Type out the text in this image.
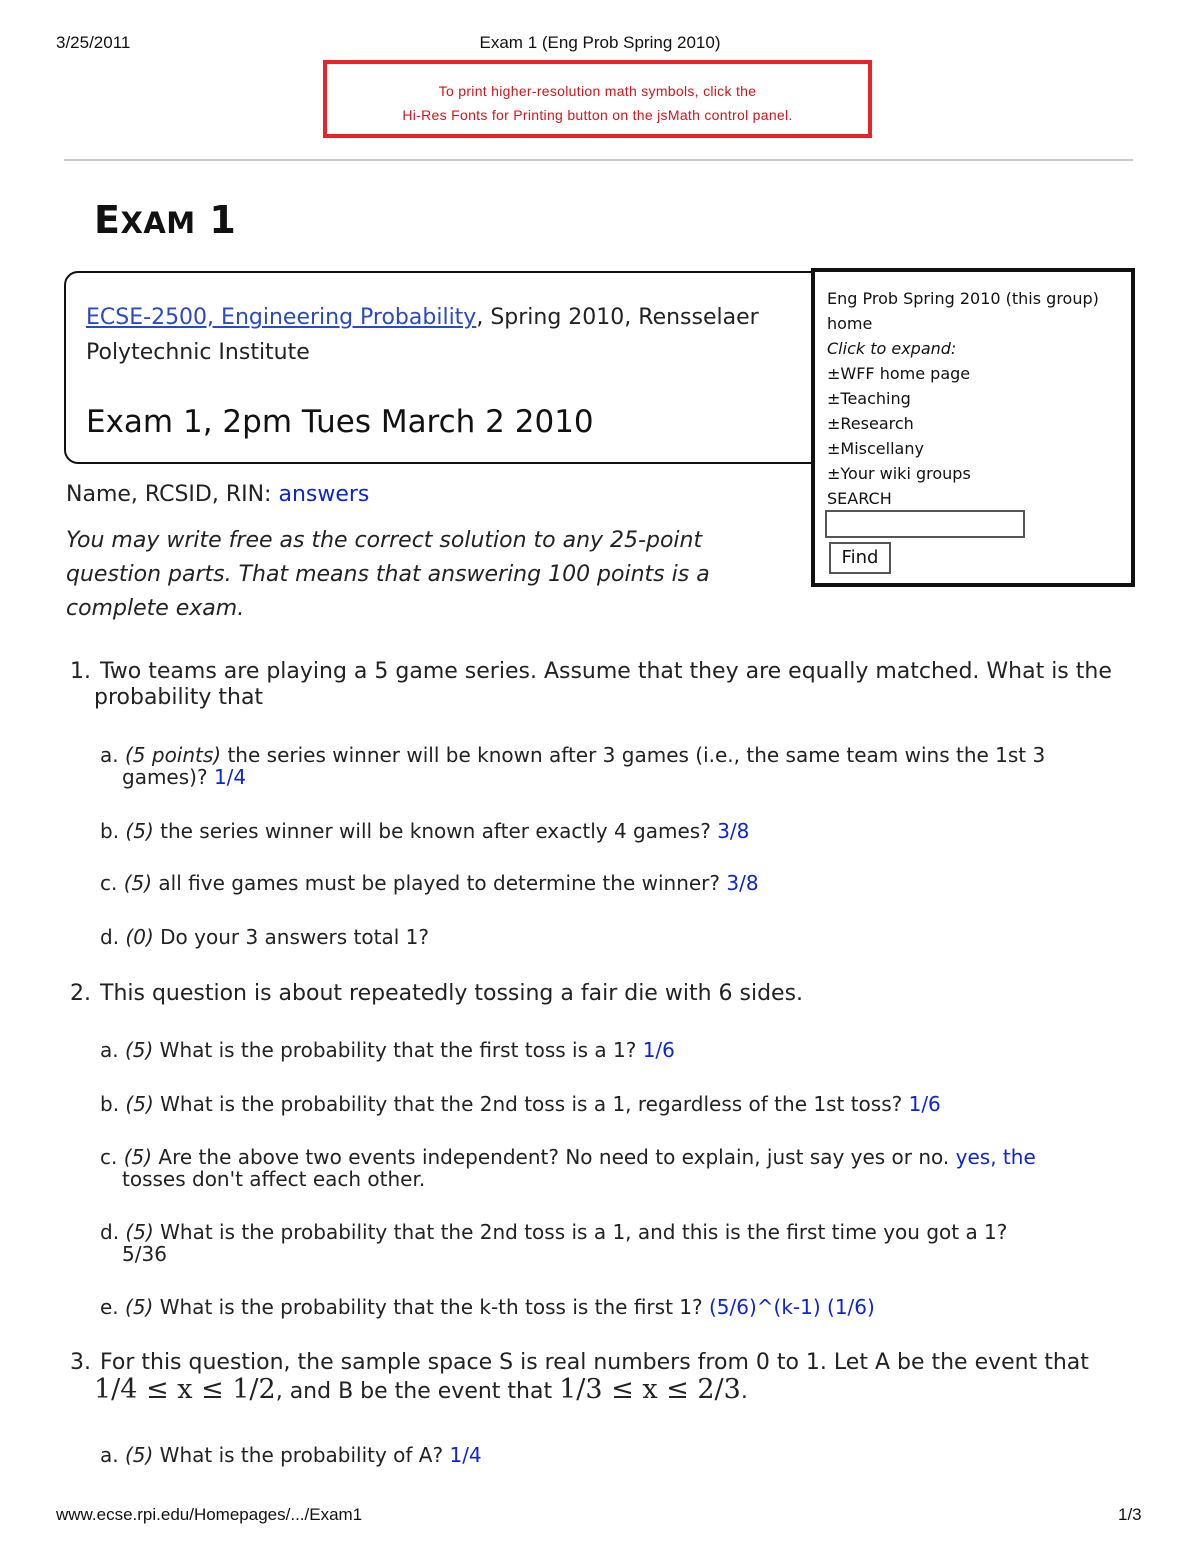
3/25/2011	Exam 1 (Eng Prob Spring 2010)
To print higher-resolution math symbols, click the
Hi-Res Fonts for Printing button on the jsMath control panel.
EXAM 1
ECSE-2500, Engineering Probability, Spring 2010, Rensselaer
Polytechnic Institute
Exam 1, 2pm Tues March 2 2010
Eng Prob Spring 2010 (this group)
home
Click to expand:
±WFF home page
±Teaching
±Research
±Miscellany
±Your wiki groups
SEARCH
Find
Name, RCSID, RIN: answers
You may write free as the correct solution to any 25-point
question parts. That means that answering 100 points is a
complete exam.
1. Two teams are playing a 5 game series. Assume that they are equally matched. What is the
probability that
a. (5 points) the series winner will be known after 3 games (i.e., the same team wins the 1st 3
games)? 1/4
b. (5) the series winner will be known after exactly 4 games? 3/8
c. (5) all five games must be played to determine the winner? 3/8
d. (0) Do your 3 answers total 1?
2. This question is about repeatedly tossing a fair die with 6 sides.
a. (5) What is the probability that the first toss is a 1? 1/6
b. (5) What is the probability that the 2nd toss is a 1, regardless of the 1st toss? 1/6
c. (5) Are the above two events independent? No need to explain, just say yes or no. yes, the
tosses don't affect each other.
d. (5) What is the probability that the 2nd toss is a 1, and this is the first time you got a 1?
5/36
e. (5) What is the probability that the k-th toss is the first 1? (5/6)^(k-1) (1/6)
3. For this question, the sample space S is real numbers from 0 to 1. Let A be the event that
1/4 ≤ x ≤ 1/2, and B be the event that 1/3 ≤ x ≤ 2/3.
a. (5) What is the probability of A? 1/4
www.ecse.rpi.edu/Homepages/.../Exam1	1/3
